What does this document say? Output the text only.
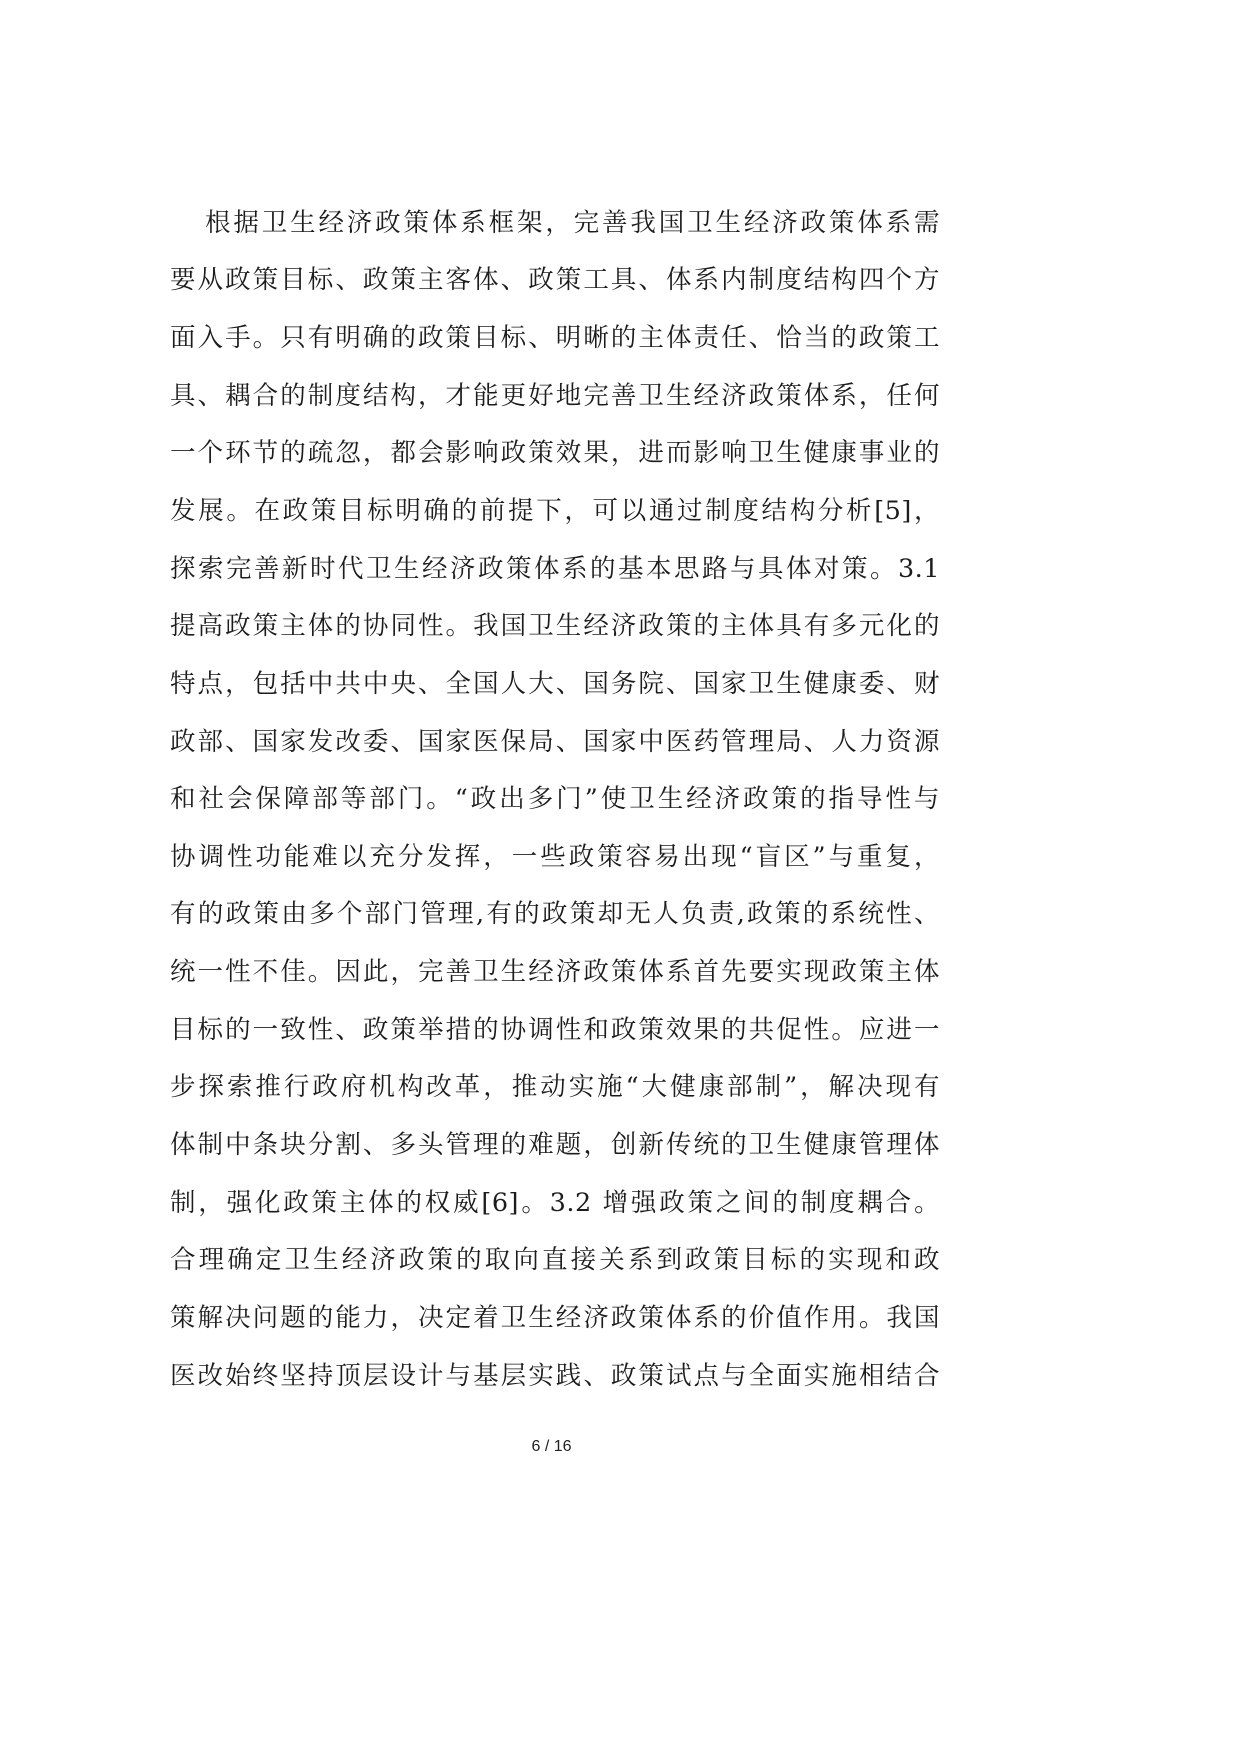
根据卫生经济政策体系框架，完善我国卫生经济政策体系需
要从政策目标、政策主客体、政策工具、体系内制度结构四个方
面入手。只有明确的政策目标、明晰的主体责任、恰当的政策工
具、耦合的制度结构，才能更好地完善卫生经济政策体系，任何
一个环节的疏忽，都会影响政策效果，进而影响卫生健康事业的
发展。在政策目标明确的前提下，可以通过制度结构分析[5]，
探索完善新时代卫生经济政策体系的基本思路与具体对策。3.1
提高政策主体的协同性。我国卫生经济政策的主体具有多元化的
特点，包括中共中央、全国人大、国务院、国家卫生健康委、财
政部、国家发改委、国家医保局、国家中医药管理局、人力资源
和社会保障部等部门。“政出多门”使卫生经济政策的指导性与
协调性功能难以充分发挥，一些政策容易出现“盲区”与重复，
有的政策由多个部门管理,有的政策却无人负责,政策的系统性、
统一性不佳。因此，完善卫生经济政策体系首先要实现政策主体
目标的一致性、政策举措的协调性和政策效果的共促性。应进一
步探索推行政府机构改革，推动实施“大健康部制”，解决现有
体制中条块分割、多头管理的难题，创新传统的卫生健康管理体
制，强化政策主体的权威[6]。3.2 增强政策之间的制度耦合。
合理确定卫生经济政策的取向直接关系到政策目标的实现和政
策解决问题的能力，决定着卫生经济政策体系的价值作用。我国
医改始终坚持顶层设计与基层实践、政策试点与全面实施相结合
6 / 16
